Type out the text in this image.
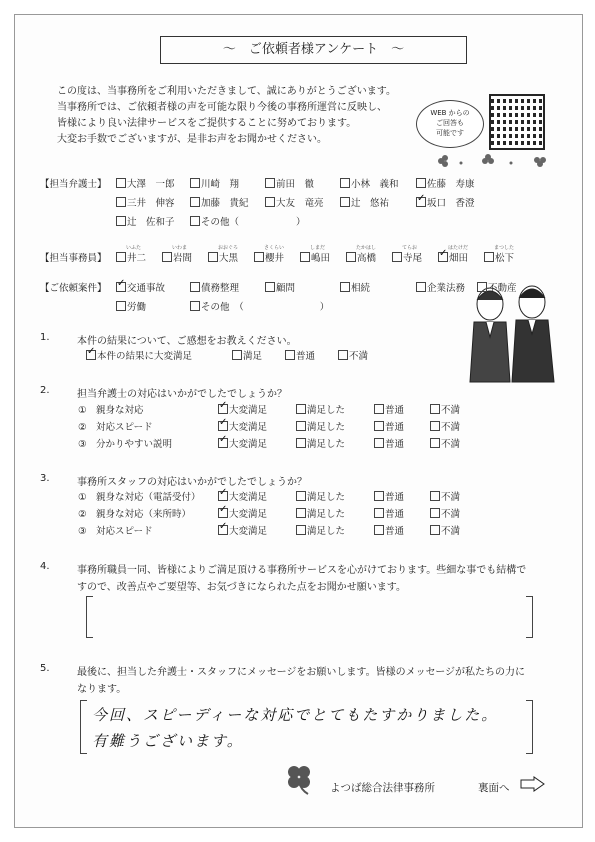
～　ご依頼者様アンケート　～
この度は、当事務所をご利用いただきまして、誠にありがとうございます。
当事務所では、ご依頼者様の声を可能な限り今後の事務所運営に反映し、
皆様により良い法律サービスをご提供することに努めております。
大変お手数でございますが、是非お声をお聞かせください。
WEB からの
ご回答も
可能です
【担当弁護士】
【担当事務員】
【ご依頼案件】
1.	本件の結果について、ご感想をお教えください。
2.	担当弁護士の対応はいかがでしたでしょうか？
3.	事務所スタッフの対応はいかがでしたでしょうか？
4.	事務所職員一同、皆様によりご満足頂ける事務所サービスを心がけております。些細な事でも結構で
すので、改善点やご要望等、お気づきになられた点をお聞かせ願います。
5.	最後に、担当した弁護士・スタッフにメッセージをお願いします。皆様のメッセージが私たちの力に
なります。
今回、スピーディーな対応でとてもたすかりました。
有難うございます。
よつば総合法律事務所	裏面へ
大澤　一郎	川崎　翔	前田　徹	小林　義和	佐藤　寿康
三井　伸容	加藤　貴紀	大友　竜亮	辻　悠祐 ✓	坂口　香澄
辻　佐和子	その他（　　　　　　）
井二
いふた
岩間
いわま
大黒
おおぐろ
櫻井
さくらい
嶋田
しまだ
高橋
たかはし
寺尾
てらお
✓畑田
はたけだ
松下
まつした
✓交通事故	債務整理	顧問	相続	企業法務	不動産
労働	その他　（　　　　　　　　）
✓本件の結果に大変満足	満足	普通	不満
①　親身な対応 ✓	大変満足	満足した	普通	不満
②　対応スピード ✓	大変満足	満足した	普通	不満
③　分かりやすい説明 ✓	大変満足	満足した	普通	不満
①　親身な対応（電話受付） ✓	大変満足	満足した	普通	不満
②　親身な対応（来所時） ✓	大変満足	満足した	普通	不満
③　対応スピード ✓	大変満足	満足した	普通	不満
